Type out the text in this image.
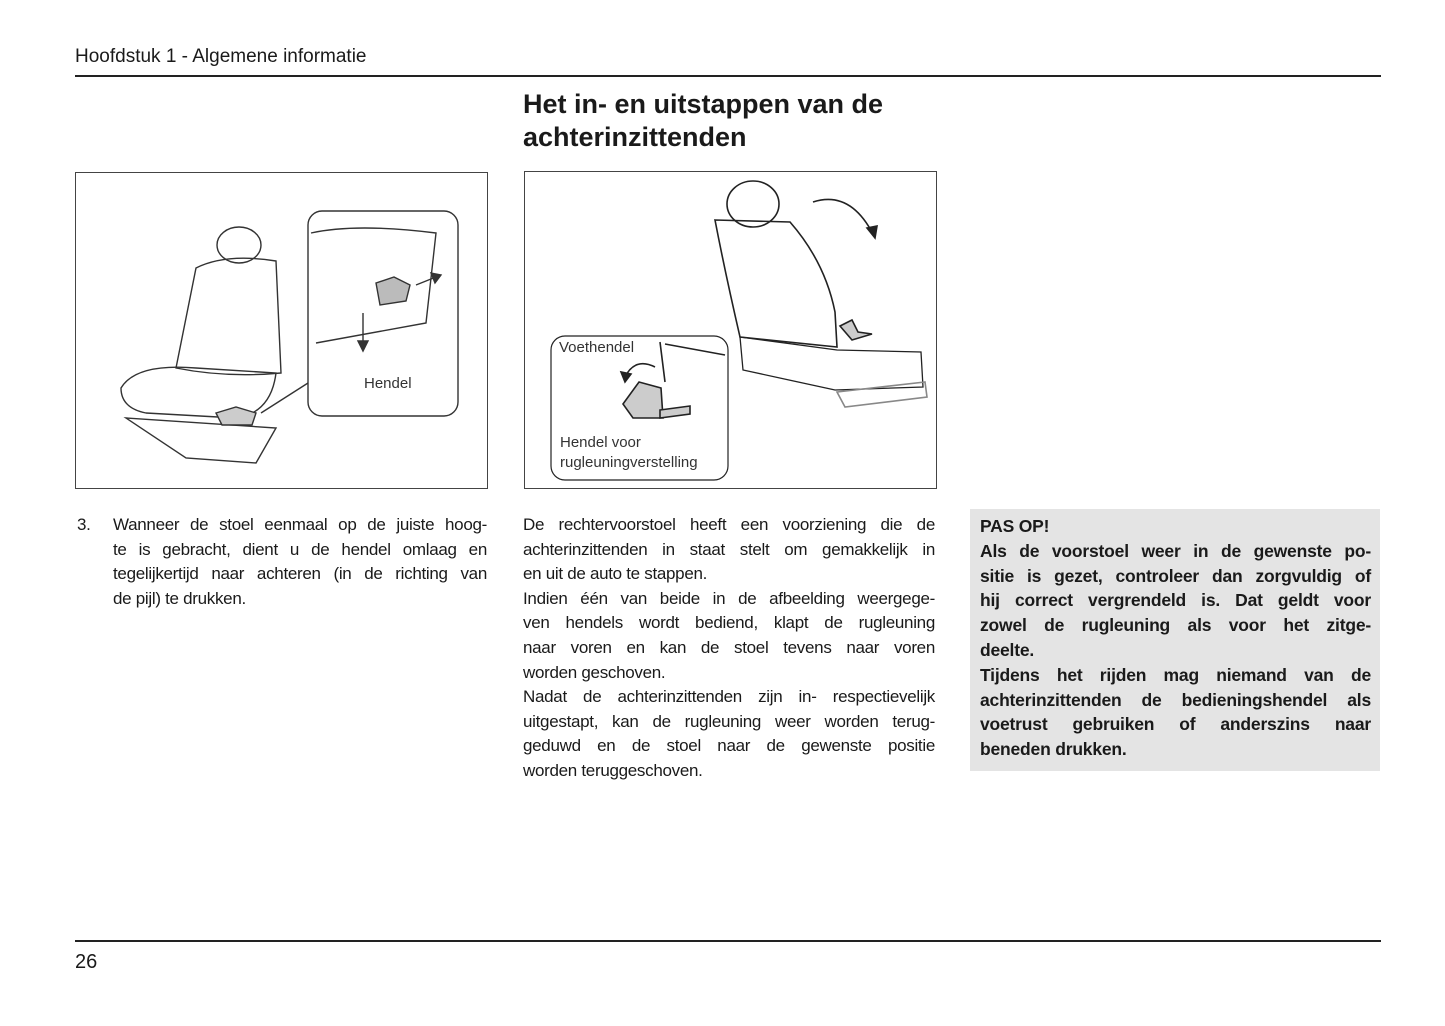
Hoofdstuk 1 - Algemene informatie
Het in- en uitstappen van de
achterinzittenden
Hendel
Voethendel
Hendel voor
rugleuningverstelling
3. Wanneer de stoel eenmaal op de juiste hoog-
te is gebracht, dient u de hendel omlaag en
tegelijkertijd naar achteren (in de richting van
de pijl) te drukken.
De rechtervoorstoel heeft een voorziening die de
achterinzittenden in staat stelt om gemakkelijk in
en uit de auto te stappen.
Indien één van beide in de afbeelding weergege-
ven hendels wordt bediend, klapt de rugleuning
naar voren en kan de stoel tevens naar voren
worden geschoven.
Nadat de achterinzittenden zijn in- respectievelijk
uitgestapt, kan de rugleuning weer worden terug-
geduwd en de stoel naar de gewenste positie
worden teruggeschoven.
PAS OP!
Als de voorstoel weer in de gewenste po-
sitie is gezet, controleer dan zorgvuldig of
hij correct vergrendeld is. Dat geldt voor
zowel de rugleuning als voor het zitge-
deelte.
Tijdens het rijden mag niemand van de
achterinzittenden de bedieningshendel als
voetrust gebruiken of anderszins naar
beneden drukken.
26
